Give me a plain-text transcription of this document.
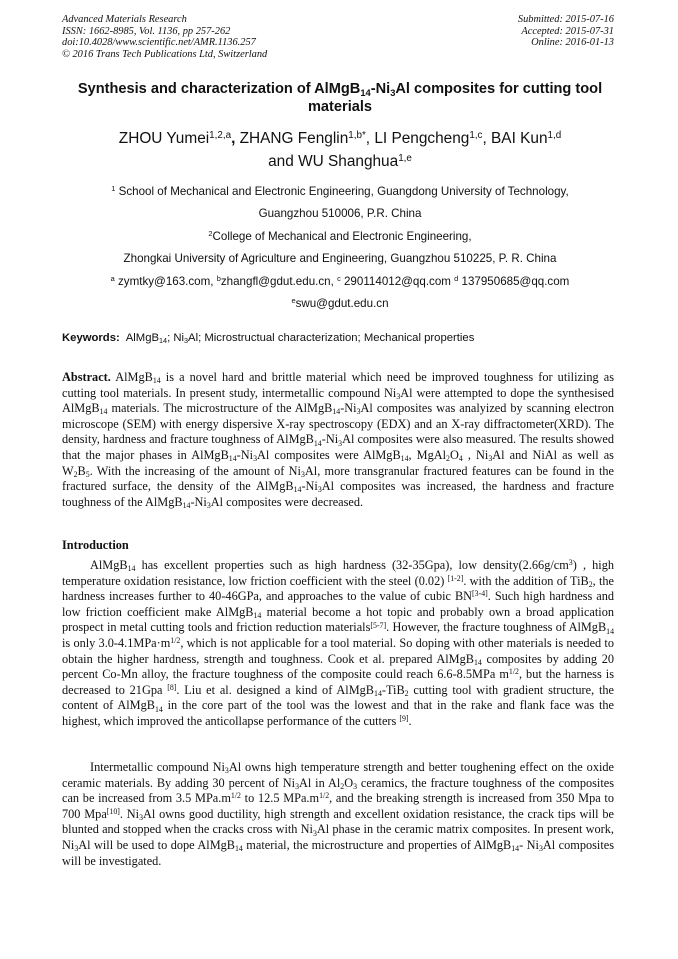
Advanced Materials Research
ISSN: 1662-8985, Vol. 1136, pp 257-262
doi:10.4028/www.scientific.net/AMR.1136.257
© 2016 Trans Tech Publications Ltd, Switzerland
Submitted: 2015-07-16
Accepted: 2015-07-31
Online: 2016-01-13
Synthesis and characterization of $AlMgB_{14}-Ni_3Al$ composites for cutting tool materials
ZHOU Yumei$^{1,2,a}$, ZHANG Fenglin$^{1,b*}$, LI Pengcheng$^{1,c}$, BAI Kun$^{1,d}$
and WU Shanghua$^{1,e}$
$^1$ School of Mechanical and Electronic Engineering, Guangdong University of Technology,
Guangzhou 510006, P.R. China
$^2$College of Mechanical and Electronic Engineering,
Zhongkai University of Agriculture and Engineering, Guangzhou 510225, P. R. China
$^a$ zymtky@163.com, $^b$zhangfl@gdut.edu.cn, $^c$ 290114012@qq.com $^d$ 137950685@qq.com
$^e$swu@gdut.edu.cn
Keywords: AlMgB$_{14}$; $Ni_3Al$; Microstructual characterization; Mechanical properties
Abstract. AlMgB$_{14}$ is a novel hard and brittle material which need be improved toughness for utilizing as cutting tool materials. In present study, intermetallic compound $Ni_3Al$ were attempted to dope the synthesised AlMgB$_{14}$ materials. The microstructure of the $AlMgB_{14}-Ni_3Al$ composites was analyized by scanning electron microscope (SEM) with energy dispersive X-ray spectroscopy (EDX) and an X-ray diffractometer(XRD). The density, hardness and fracture toughness of $AlMgB_{14}-Ni_3Al$ composites were also measured. The results showed that the major phases in $AlMgB_{14}-Ni_3Al$ composites were AlMgB$_{14}$, $MgAl_2O_4$ , $Ni_3Al$ and NiAl as well as $W_2B_5$. With the increasing of the amount of $Ni_3Al$, more transgranular fractured features can be found in the fractured surface, the density of the $AlMgB_{14}-Ni_3Al$ composites was increased, the hardness and fracture toughness of the $AlMgB_{14}-Ni_3Al$ composites were decreased.
Introduction
AlMgB$_{14}$ has excellent properties such as high hardness (32-35Gpa), low $density(2.66g/cm^3)$ , high temperature oxidation resistance, low friction coefficient with the steel (0.02) [1-2]. with the addition of TiB$_2$, the hardness increases further to 40-46GPa, and approaches to the value of cubic BN[3-4]. Such high hardness and low friction coefficient make AlMgB$_{14}$ material become a hot topic and probably own a broad application prospect in metal cutting tools and friction reduction materials[5-7]. However, the fracture toughness of AlMgB$_{14}$ is only $3.0-4.1MPa\cdot m^{1/2}$, which is not applicable for a tool material. So doping with other materials is needed to obtain the higher hardness, strength and toughness. Cook et al. prepared AlMgB$_{14}$ composites by adding 20 percent Co-Mn alloy, the fracture toughness of the composite could reach 6.6-8.5MPa $m^{1/2}$, but the harness is decreased to 21Gpa [8]. Liu et al. designed a kind of AlMgB$_{14}$-TiB$_2$ cutting tool with gradient structure, the content of AlMgB$_{14}$ in the core part of the tool was the lowest and that in the rake and flank face was the highest, which improved the anticollapse performance of the cutters [9].
Intermetallic compound $Ni_3Al$ owns high temperature strength and better toughening effect on the oxide ceramic materials. By adding 30 percent of $Ni_3Al$ in $Al_2O_3$ ceramics, the fracture toughness of the composites can be increased from 3.5 $MPa.m^{1/2}$ to 12.5 $MPa.m^{1/2}$, and the breaking strength is increased from 350 Mpa to 700 Mpa[10]. $Ni_3Al$ owns good ductility, high strength and excellent oxidation resistance, the crack tips will be blunted and stopped when the cracks cross with $Ni_3Al$ phase in the ceramic matrix composites. In present work, $Ni_3Al$ will be used to dope AlMgB$_{14}$ material, the microstructure and properties of AlMgB$_{14}$- $Ni_3Al$ composites will be investigated.
